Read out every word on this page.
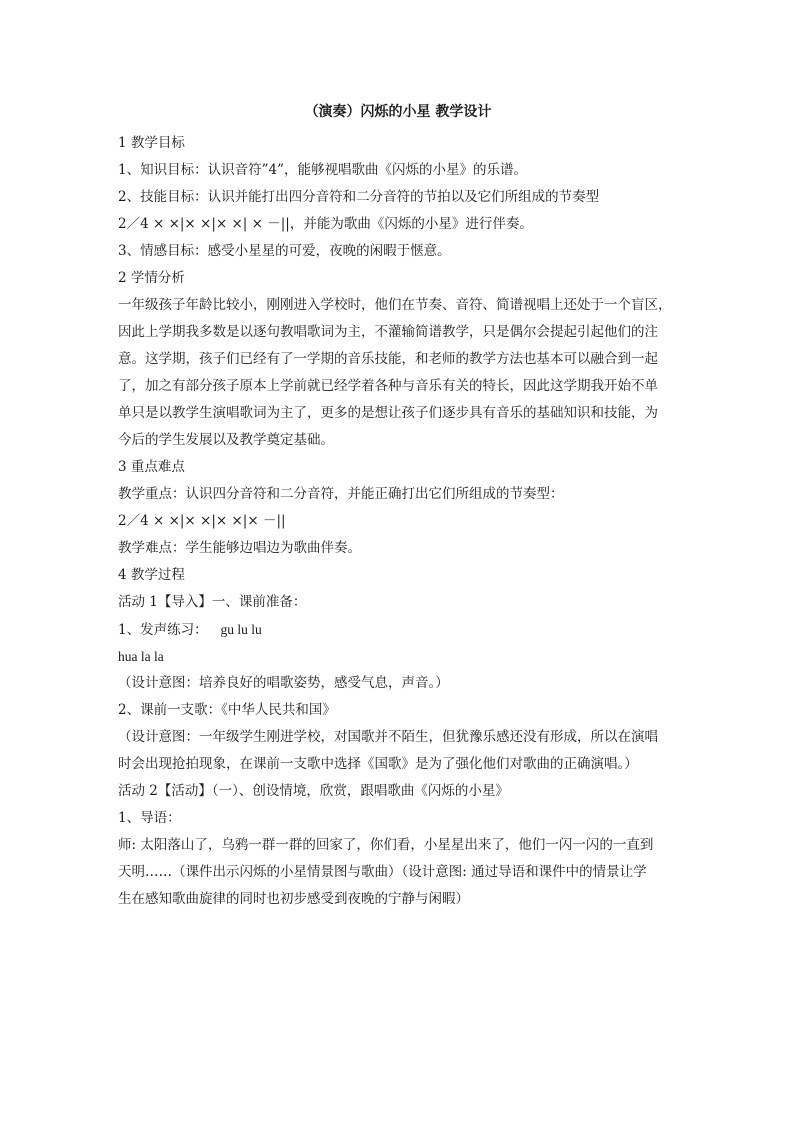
（演奏）闪烁的小星 教学设计
1 教学目标
1、知识目标：认识音符”4”，能够视唱歌曲《闪烁的小星》的乐谱。
2、技能目标：认识并能打出四分音符和二分音符的节拍以及它们所组成的节奏型
2／4 × ×|× ×|× ×| × －||，并能为歌曲《闪烁的小星》进行伴奏。
3、情感目标：感受小星星的可爱，夜晚的闲暇于惬意。
2 学情分析
一年级孩子年龄比较小，刚刚进入学校时，他们在节奏、音符、简谱视唱上还处于一个盲区，
因此上学期我多数是以逐句教唱歌词为主，不灌输简谱教学，只是偶尔会提起引起他们的注
意。这学期，孩子们已经有了一学期的音乐技能，和老师的教学方法也基本可以融合到一起
了，加之有部分孩子原本上学前就已经学着各种与音乐有关的特长，因此这学期我开始不单
单只是以教学生演唱歌词为主了，更多的是想让孩子们逐步具有音乐的基础知识和技能，为
今后的学生发展以及教学奠定基础。
3 重点难点
教学重点：认识四分音符和二分音符，并能正确打出它们所组成的节奏型：
2／4 × ×|× ×|× ×|× －||
教学难点：学生能够边唱边为歌曲伴奏。
4 教学过程
活动 1【导入】一、课前准备：
1、发声练习： gu lu lu
hua la la
（设计意图：培养良好的唱歌姿势，感受气息，声音。）
2、课前一支歌：《中华人民共和国》
（设计意图：一年级学生刚进学校，对国歌并不陌生，但犹豫乐感还没有形成，所以在演唱
时会出现抢拍现象，在课前一支歌中选择《国歌》是为了强化他们对歌曲的正确演唱。）
活动 2【活动】（一）、创设情境，欣赏，跟唱歌曲《闪烁的小星》
1、导语：
师: 太阳落山了，乌鸦一群一群的回家了，你们看，小星星出来了，他们一闪一闪的一直到
天明……（课件出示闪烁的小星情景图与歌曲）（设计意图: 通过导语和课件中的情景让学
生在感知歌曲旋律的同时也初步感受到夜晚的宁静与闲暇）
